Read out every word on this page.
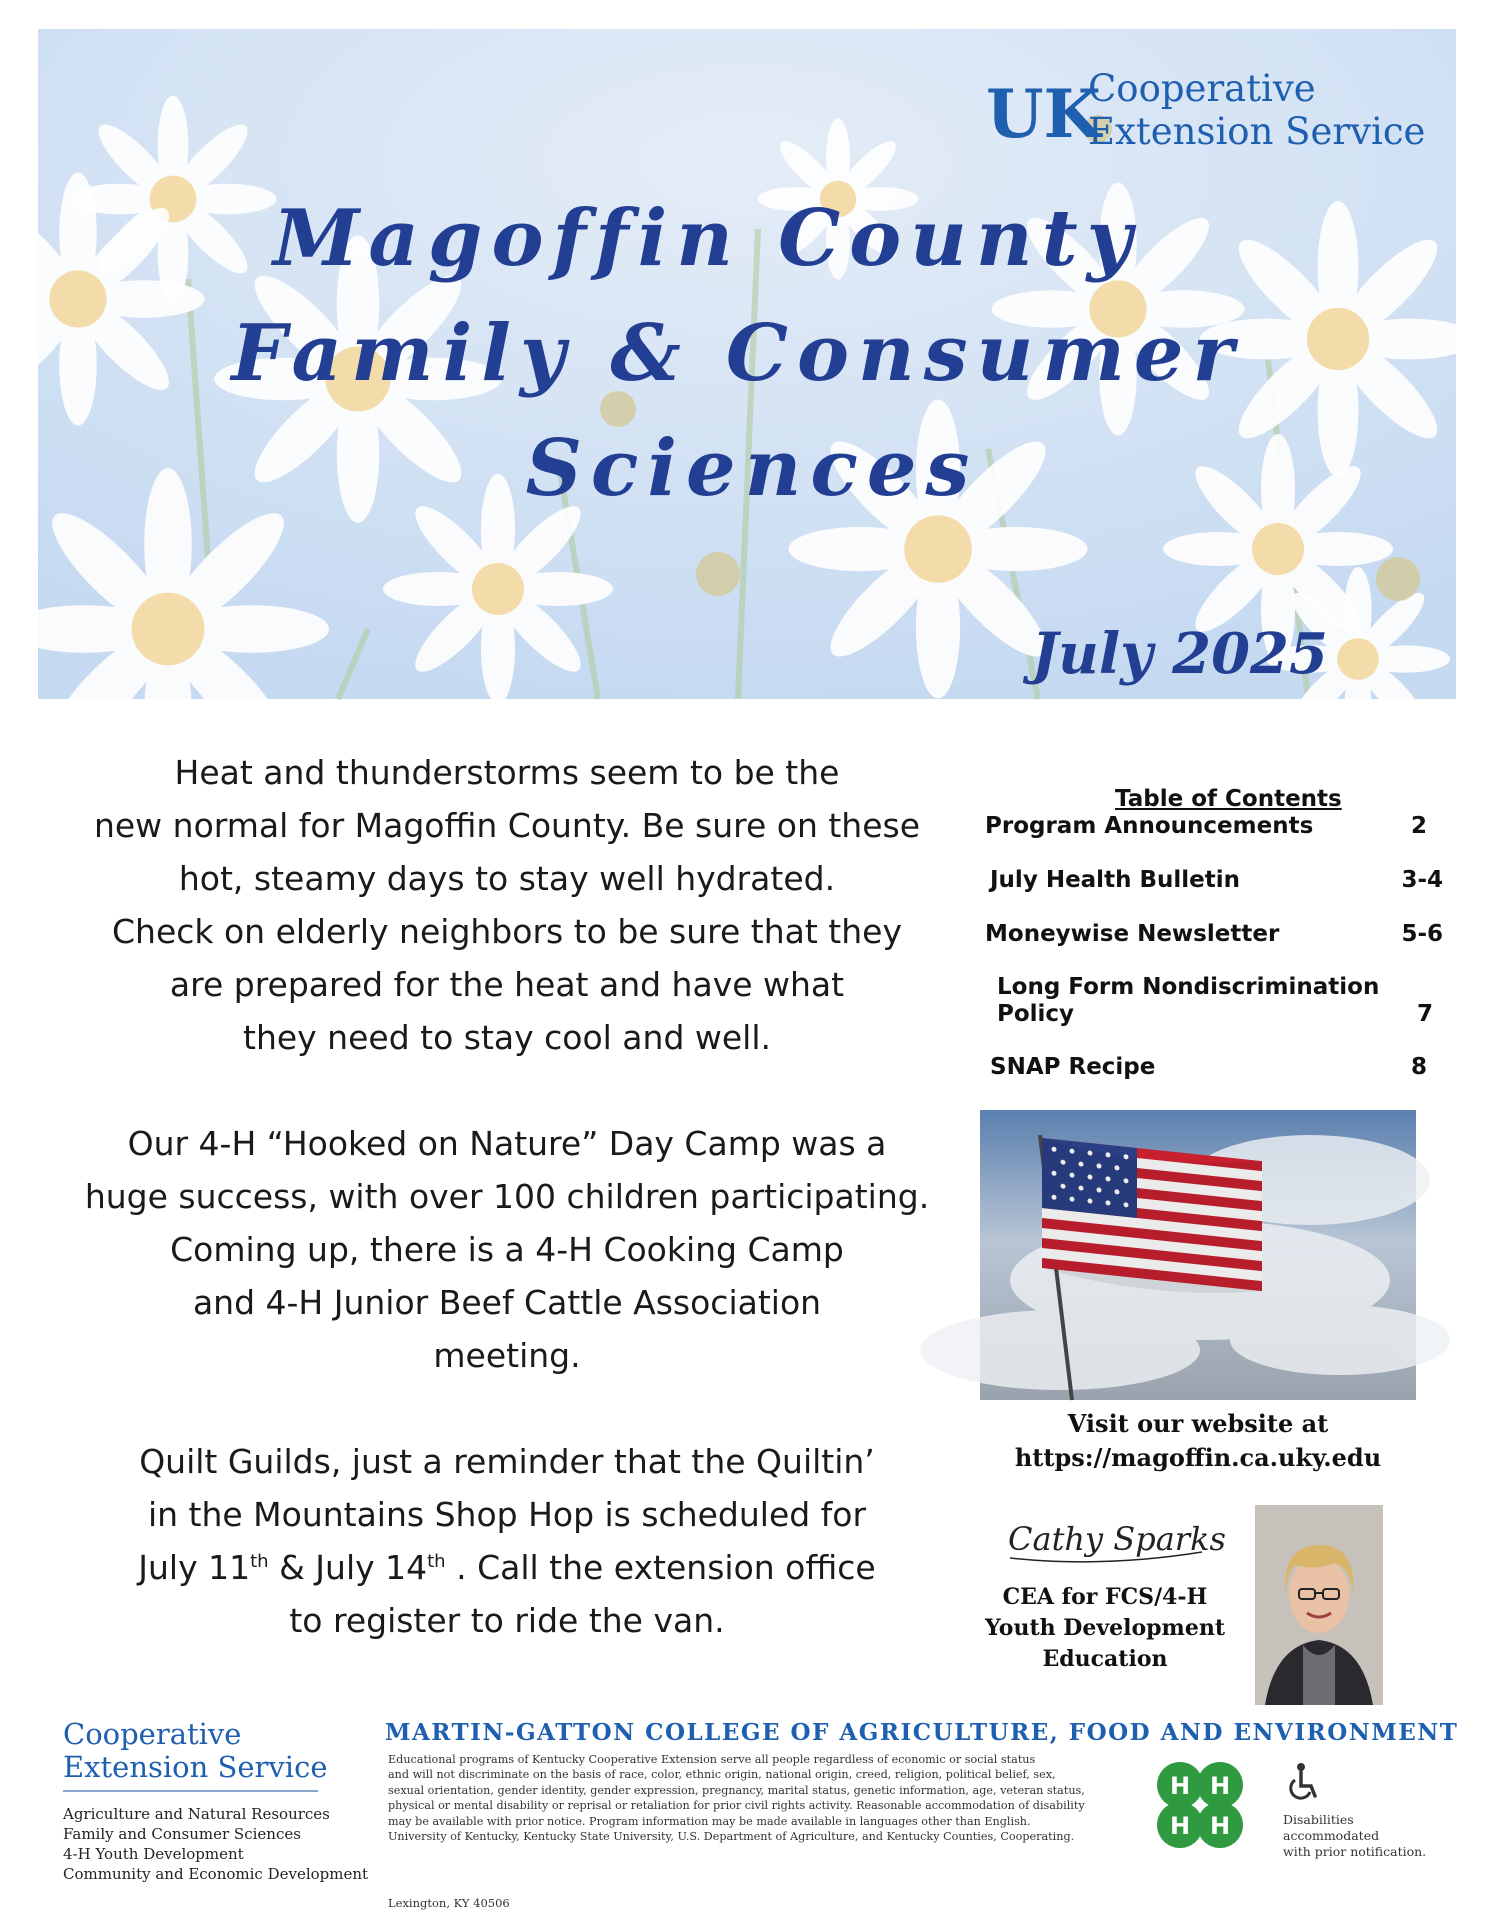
UK
Cooperative
Extension Service
Magoffin County
Family & Consumer
Sciences
July 2025

Heat and thunderstorms seem to be the
new normal for Magoffin County. Be sure on these
hot, steamy days to stay well hydrated.
Check on elderly neighbors to be sure that they
are prepared for the heat and have what
they need to stay cool and well.

Our 4-H “Hooked on Nature” Day Camp was a
huge success, with over 100 children participating.
Coming up, there is a 4-H Cooking Camp
and 4-H Junior Beef Cattle Association
meeting.

Quilt Guilds, just a reminder that the Quiltin’
in the Mountains Shop Hop is scheduled for
July 11th & July 14th . Call the extension office
to register to ride the van.

Table of Contents
Program Announcements	2
July Health Bulletin	3-4
Moneywise Newsletter	5-6
Long Form Nondiscrimination
Policy	7
SNAP Recipe	8
Visit our website at
https://magoffin.ca.uky.edu
Cathy Sparks
CEA for FCS/4-H
Youth Development
Education
Cooperative
Extension Service
Agriculture and Natural Resources
Family and Consumer Sciences
4-H Youth Development
Community and Economic Development
MARTIN-GATTON COLLEGE OF AGRICULTURE, FOOD AND ENVIRONMENT
Educational programs of Kentucky Cooperative Extension serve all people regardless of economic or social status
and will not discriminate on the basis of race, color, ethnic origin, national origin, creed, religion, political belief, sex,
sexual orientation, gender identity, gender expression, pregnancy, marital status, genetic information, age, veteran status,
physical or mental disability or reprisal or retaliation for prior civil rights activity. Reasonable accommodation of disability
may be available with prior notice. Program information may be made available in languages other than English.
University of Kentucky, Kentucky State University, U.S. Department of Agriculture, and Kentucky Counties, Cooperating.
Lexington, KY 40506
H H
H H	Disabilities
accommodated
with prior notification.
